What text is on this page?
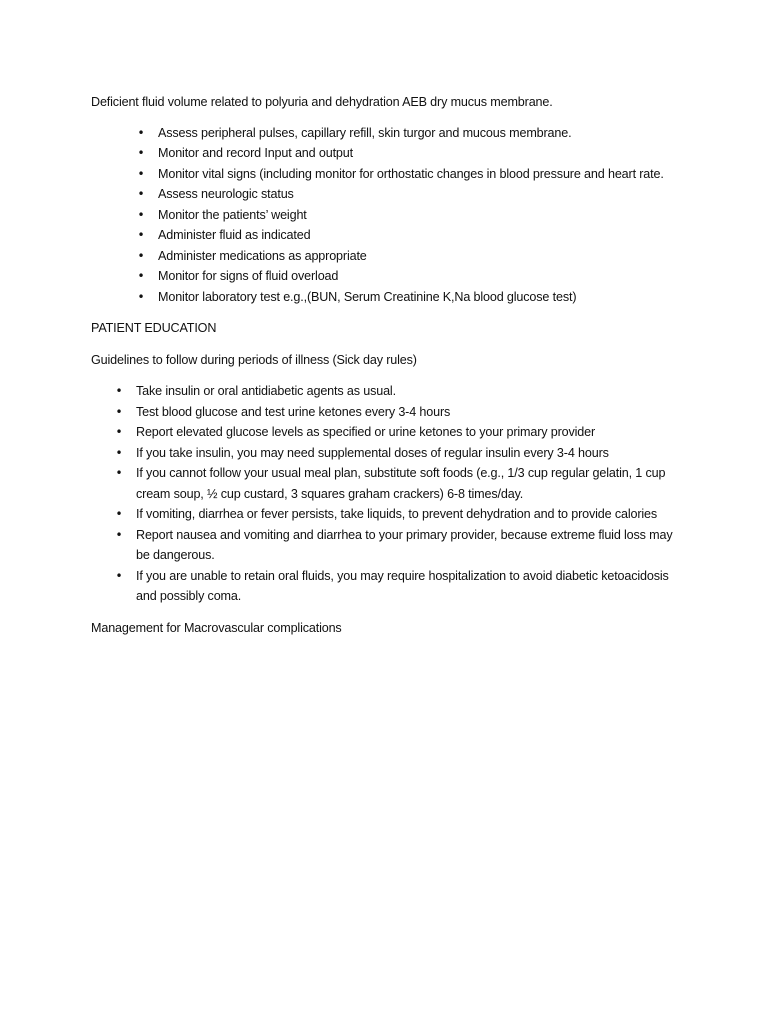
Deficient fluid volume related to polyuria and dehydration AEB dry mucus membrane.

• Assess peripheral pulses, capillary refill, skin turgor and mucous membrane.
• Monitor and record Input and output
• Monitor vital signs (including monitor for orthostatic changes in blood pressure and heart rate.
• Assess neurologic status
• Monitor the patients’ weight
• Administer fluid as indicated
• Administer medications as appropriate
• Monitor for signs of fluid overload
• Monitor laboratory test e.g.,(BUN, Serum Creatinine K,Na blood glucose test)

PATIENT EDUCATION

Guidelines to follow during periods of illness (Sick day rules)

• Take insulin or oral antidiabetic agents as usual.
• Test blood glucose and test urine ketones every 3-4 hours
• Report elevated glucose levels as specified or urine ketones to your primary provider
• If you take insulin, you may need supplemental doses of regular insulin every 3-4 hours
• If you cannot follow your usual meal plan, substitute soft foods (e.g., 1/3 cup regular gelatin, 1 cup cream soup, ½ cup custard, 3 squares graham crackers) 6-8 times/day.
• If vomiting, diarrhea or fever persists, take liquids, to prevent dehydration and to provide calories
• Report nausea and vomiting and diarrhea to your primary provider, because extreme fluid loss may be dangerous.
• If you are unable to retain oral fluids, you may require hospitalization to avoid diabetic ketoacidosis and possibly coma.

Management for Macrovascular complications
